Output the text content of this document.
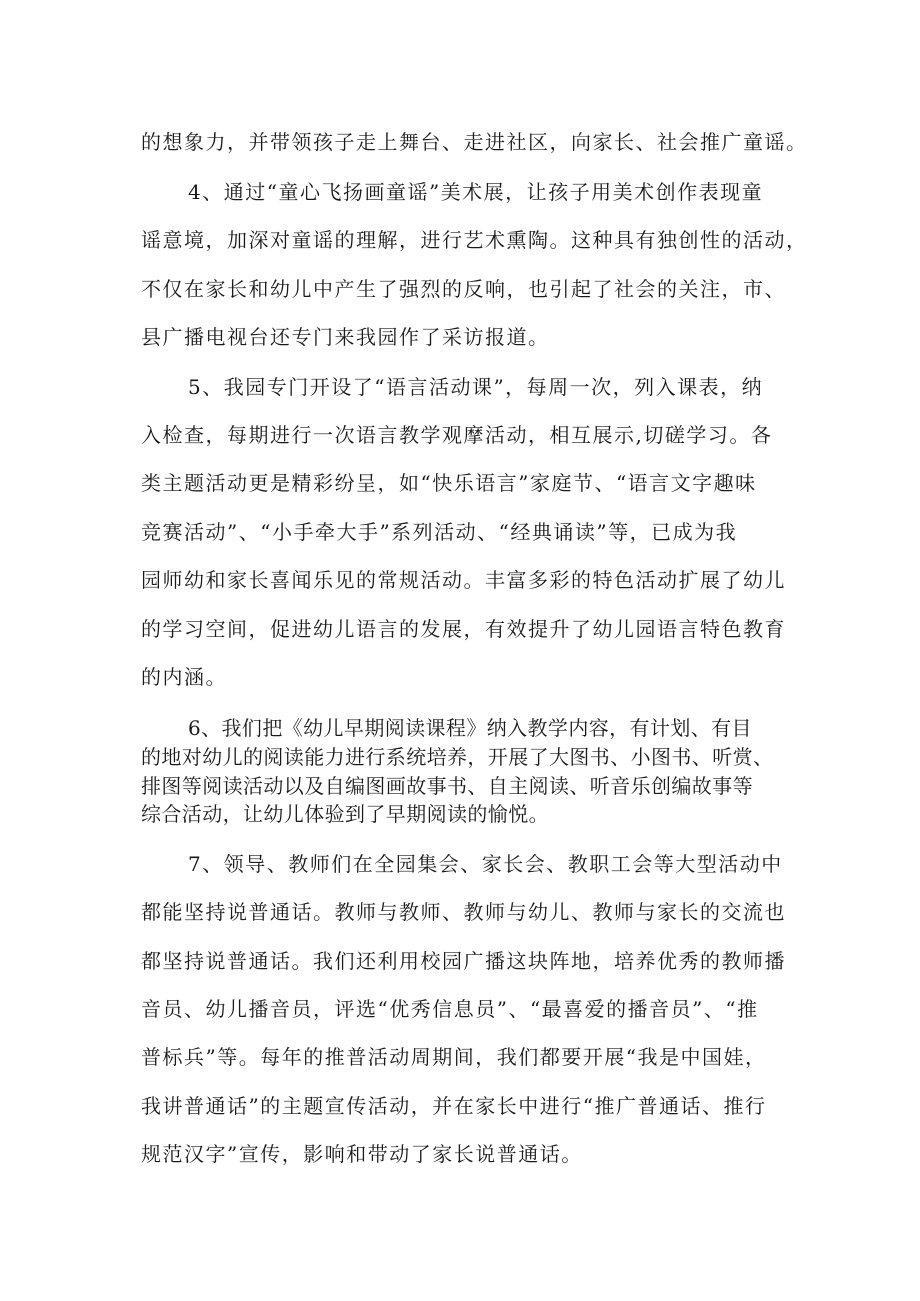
的想象力，并带领孩子走上舞台、走进社区，向家长、社会推广童谣。
4、通过“童心飞扬画童谣”美术展，让孩子用美术创作表现童
谣意境，加深对童谣的理解，进行艺术熏陶。这种具有独创性的活动，
不仅在家长和幼儿中产生了强烈的反响，也引起了社会的关注，市、
县广播电视台还专门来我园作了采访报道。
5、我园专门开设了“语言活动课”，每周一次，列入课表，纳
入检查，每期进行一次语言教学观摩活动，相互展示,切磋学习。各
类主题活动更是精彩纷呈，如“快乐语言”家庭节、“语言文字趣味
竞赛活动”、“小手牵大手”系列活动、“经典诵读”等，已成为我
园师幼和家长喜闻乐见的常规活动。丰富多彩的特色活动扩展了幼儿
的学习空间，促进幼儿语言的发展，有效提升了幼儿园语言特色教育
的内涵。
6、我们把《幼儿早期阅读课程》纳入教学内容，有计划、有目
的地对幼儿的阅读能力进行系统培养，开展了大图书、小图书、听赏、
排图等阅读活动以及自编图画故事书、自主阅读、听音乐创编故事等
综合活动，让幼儿体验到了早期阅读的愉悦。
7、领导、教师们在全园集会、家长会、教职工会等大型活动中
都能坚持说普通话。教师与教师、教师与幼儿、教师与家长的交流也
都坚持说普通话。我们还利用校园广播这块阵地，培养优秀的教师播
音员、幼儿播音员，评选“优秀信息员”、“最喜爱的播音员”、“推
普标兵”等。每年的推普活动周期间，我们都要开展“我是中国娃，
我讲普通话”的主题宣传活动，并在家长中进行“推广普通话、推行
规范汉字”宣传，影响和带动了家长说普通话。
